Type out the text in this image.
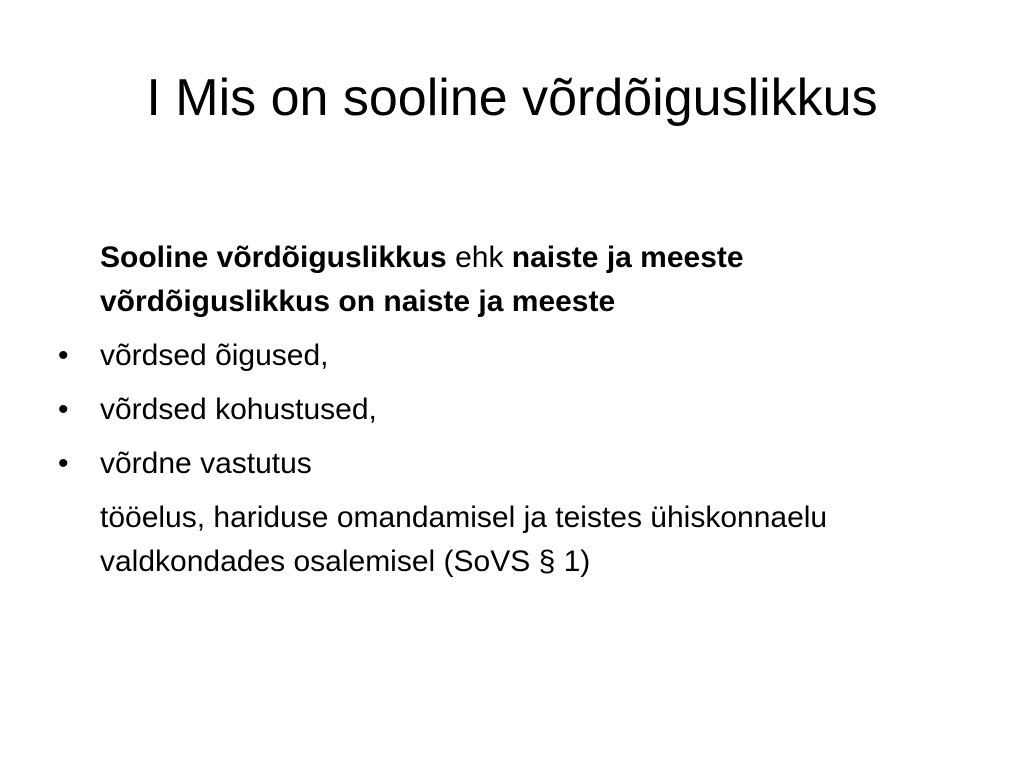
I Mis on sooline võrdõiguslikkus

Sooline võrdõiguslikkus ehk naiste ja meeste võrdõiguslikkus on naiste ja meeste

•	võrdsed õigused,
•	võrdsed kohustused,
•	võrdne vastutus

tööelus, hariduse omandamisel ja teistes ühiskonnaelu valdkondades osalemisel (SoVS § 1)
